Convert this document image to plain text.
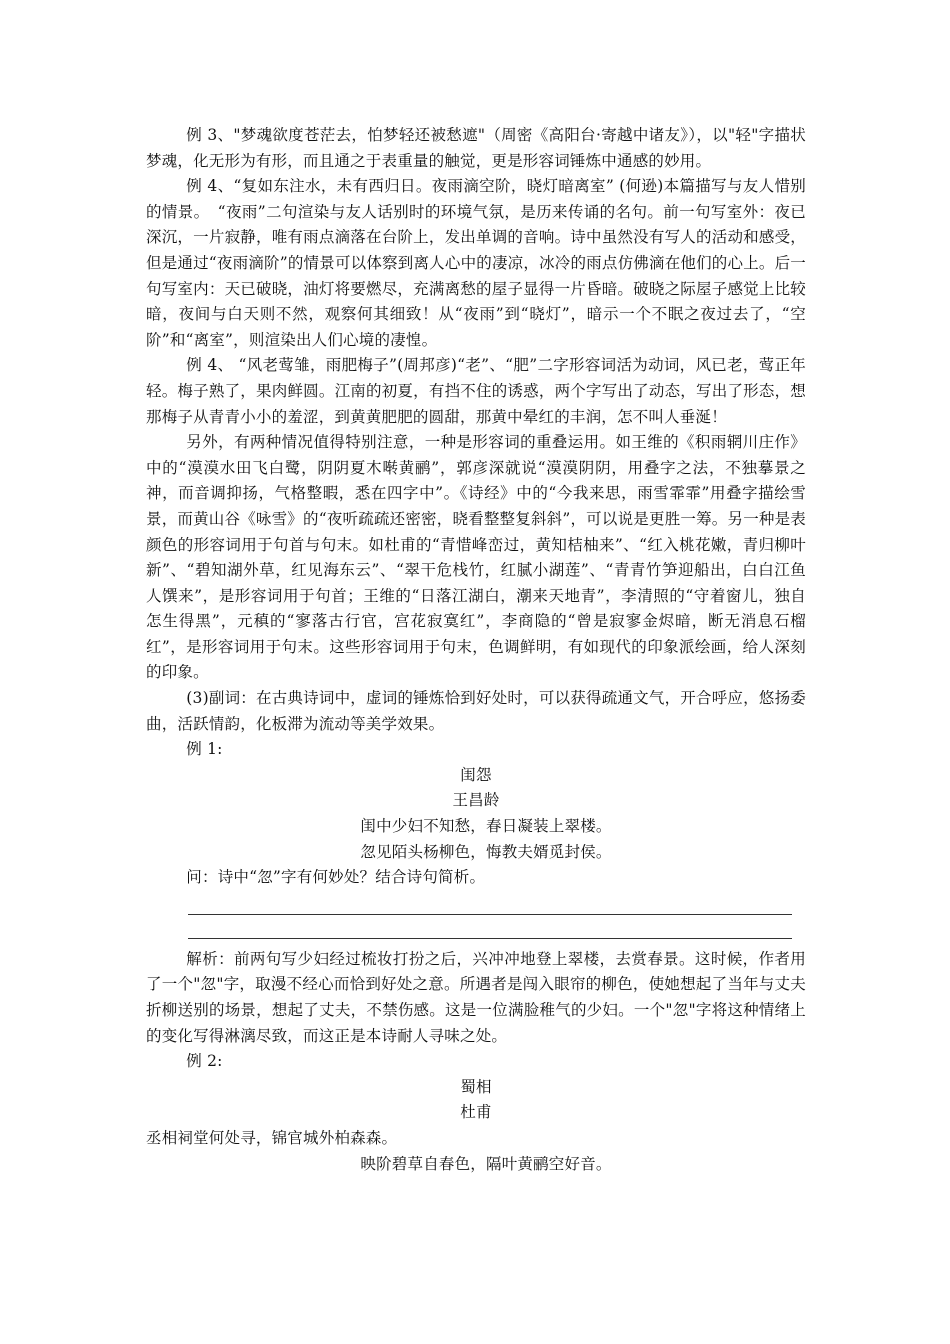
例 3、"梦魂欲度苍茫去，怕梦轻还被愁遮"（周密《高阳台·寄越中诸友》），以"轻"字描状梦魂，化无形为有形，而且通之于表重量的触觉，更是形容词锤炼中通感的妙用。

例 4、“复如东注水，未有西归日。夜雨滴空阶，晓灯暗离室” (何逊)本篇描写与友人惜别的情景。　“夜雨”二句渲染与友人话别时的环境气氛，是历来传诵的名句。前一句写室外：夜已深沉，一片寂静，唯有雨点滴落在台阶上，发出单调的音响。诗中虽然没有写人的活动和感受，但是通过“夜雨滴阶”的情景可以体察到离人心中的凄凉，冰冷的雨点仿佛滴在他们的心上。后一句写室内：天已破晓，油灯将要燃尽，充满离愁的屋子显得一片昏暗。破晓之际屋子感觉上比较暗，夜间与白天则不然，观察何其细致！从“夜雨”到“晓灯”，暗示一个不眠之夜过去了，“空阶”和“离室”，则渲染出人们心境的凄惶。

例 4、 “风老莺雏，雨肥梅子”(周邦彦)“老”、“肥”二字形容词活为动词，风已老，莺正年轻。梅子熟了，果肉鲜圆。江南的初夏，有挡不住的诱惑，两个字写出了动态，写出了形态，想那梅子从青青小小的羞涩，到黄黄肥肥的圆甜，那黄中晕红的丰润，怎不叫人垂涎！

另外，有两种情况值得特别注意，一种是形容词的重叠运用。如王维的《积雨辋川庄作》中的“漠漠水田飞白鹭，阴阴夏木啭黄鹂”，郭彦深就说“漠漠阴阴，用叠字之法，不独摹景之神，而音调抑扬，气格整暇，悉在四字中”。《诗经》中的“今我来思，雨雪霏霏”用叠字描绘雪景，而黄山谷《咏雪》的“夜听疏疏还密密，晓看整整复斜斜”，可以说是更胜一筹。另一种是表颜色的形容词用于句首与句末。如杜甫的“青惜峰峦过，黄知桔柚来”、“红入桃花嫩，青归柳叶新”、“碧知湖外草，红见海东云”、“翠干危栈竹，红腻小湖莲”、“青青竹笋迎船出，白白江鱼人馔来”，是形容词用于句首；王维的“日落江湖白，潮来天地青”，李清照的“守着窗儿，独自怎生得黑”，元稹的“寥落古行官，宫花寂寞红”，李商隐的“曾是寂寥金烬暗，断无消息石榴红”，是形容词用于句末。这些形容词用于句末，色调鲜明，有如现代的印象派绘画，给人深刻的印象。

(3)副词：在古典诗词中，虚词的锤炼恰到好处时，可以获得疏通文气，开合呼应，悠扬委曲，活跃情韵，化板滞为流动等美学效果。

例 1:

闺怨

王昌龄

闺中少妇不知愁，春日凝装上翠楼。

忽见陌头杨柳色，悔教夫婿觅封侯。

问：诗中“忽”字有何妙处？结合诗句简析。

解析：前两句写少妇经过梳妆打扮之后，兴冲冲地登上翠楼，去赏春景。这时候，作者用了一个"忽"字，取漫不经心而恰到好处之意。所遇者是闯入眼帘的柳色，使她想起了当年与丈夫折柳送别的场景，想起了丈夫，不禁伤感。这是一位满脸稚气的少妇。一个"忽"字将这种情绪上的变化写得淋漓尽致，而这正是本诗耐人寻味之处。

例 2:

蜀相

杜甫

丞相祠堂何处寻，锦官城外柏森森。

映阶碧草自春色，隔叶黄鹂空好音。
